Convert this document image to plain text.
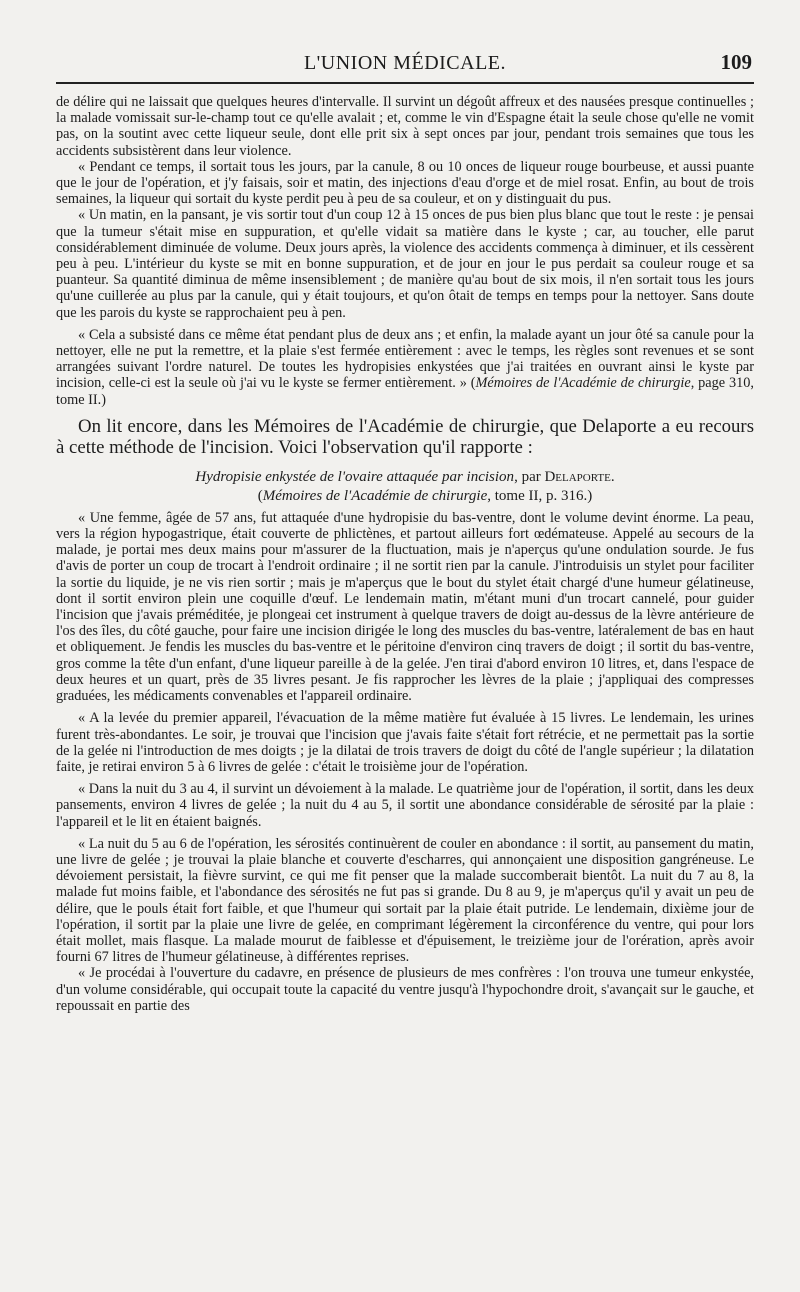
L'UNION MÉDICALE.	109

de délire qui ne laissait que quelques heures d'intervalle. Il survint un dégoût affreux et des nausées presque continuelles ; la malade vomissait sur-le-champ tout ce qu'elle avalait ; et, comme le vin d'Espagne était la seule chose qu'elle ne vomit pas, on la soutint avec cette liqueur seule, dont elle prit six à sept onces par jour, pendant trois semaines que tous les accidents subsistèrent dans leur violence.

« Pendant ce temps, il sortait tous les jours, par la canule, 8 ou 10 onces de liqueur rouge bourbeuse, et aussi puante que le jour de l'opération, et j'y faisais, soir et matin, des injections d'eau d'orge et de miel rosat. Enfin, au bout de trois semaines, la liqueur qui sortait du kyste perdit peu à peu de sa couleur, et on y distinguait du pus.

« Un matin, en la pansant, je vis sortir tout d'un coup 12 à 15 onces de pus bien plus blanc que tout le reste : je pensai que la tumeur s'était mise en suppuration, et qu'elle vidait sa matière dans le kyste ; car, au toucher, elle parut considérablement diminuée de volume. Deux jours après, la violence des accidents commença à diminuer, et ils cessèrent peu à peu. L'intérieur du kyste se mit en bonne suppuration, et de jour en jour le pus perdait sa couleur rouge et sa puanteur. Sa quantité diminua de même insensiblement ; de manière qu'au bout de six mois, il n'en sortait tous les jours qu'une cuillerée au plus par la canule, qui y était toujours, et qu'on ôtait de temps en temps pour la nettoyer. Sans doute que les parois du kyste se rapprochaient peu à pen.

« Cela a subsisté dans ce même état pendant plus de deux ans ; et enfin, la malade ayant un jour ôté sa canule pour la nettoyer, elle ne put la remettre, et la plaie s'est fermée entièrement : avec le temps, les règles sont revenues et se sont arrangées suivant l'ordre naturel. De toutes les hydropisies enkystées que j'ai traitées en ouvrant ainsi le kyste par incision, celle-ci est la seule où j'ai vu le kyste se fermer entièrement. » (Mémoires de l'Académie de chirurgie, page 310, tome II.)

On lit encore, dans les Mémoires de l'Académie de chirurgie, que Delaporte a eu recours à cette méthode de l'incision. Voici l'observation qu'il rapporte :

Hydropisie enkystée de l'ovaire attaquée par incision, par Delaporte.
(Mémoires de l'Académie de chirurgie, tome II, p. 316.)

« Une femme, âgée de 57 ans, fut attaquée d'une hydropisie du bas-ventre, dont le volume devint énorme. La peau, vers la région hypogastrique, était couverte de phlictènes, et partout ailleurs fort œdémateuse. Appelé au secours de la malade, je portai mes deux mains pour m'assurer de la fluctuation, mais je n'aperçus qu'une ondulation sourde. Je fus d'avis de porter un coup de trocart à l'endroit ordinaire ; il ne sortit rien par la canule. J'introduisis un stylet pour faciliter la sortie du liquide, je ne vis rien sortir ; mais je m'aperçus que le bout du stylet était chargé d'une humeur gélatineuse, dont il sortit environ plein une coquille d'œuf. Le lendemain matin, m'étant muni d'un trocart cannelé, pour guider l'incision que j'avais préméditée, je plongeai cet instrument à quelque travers de doigt au-dessus de la lèvre antérieure de l'os des îles, du côté gauche, pour faire une incision dirigée le long des muscles du bas-ventre, latéralement de bas en haut et obliquement. Je fendis les muscles du bas-ventre et le péritoine d'environ cinq travers de doigt ; il sortit du bas-ventre, gros comme la tête d'un enfant, d'une liqueur pareille à de la gelée. J'en tirai d'abord environ 10 litres, et, dans l'espace de deux heures et un quart, près de 35 livres pesant. Je fis rapprocher les lèvres de la plaie ; j'appliquai des compresses graduées, les médicaments convenables et l'appareil ordinaire.

« A la levée du premier appareil, l'évacuation de la même matière fut évaluée à 15 livres. Le lendemain, les urines furent très-abondantes. Le soir, je trouvai que l'incision que j'avais faite s'était fort rétrécie, et ne permettait pas la sortie de la gelée ni l'introduction de mes doigts ; je la dilatai de trois travers de doigt du côté de l'angle supérieur ; la dilatation faite, je retirai environ 5 à 6 livres de gelée : c'était le troisième jour de l'opération.

« Dans la nuit du 3 au 4, il survint un dévoiement à la malade. Le quatrième jour de l'opération, il sortit, dans les deux pansements, environ 4 livres de gelée ; la nuit du 4 au 5, il sortit une abondance considérable de sérosité par la plaie : l'appareil et le lit en étaient baignés.

« La nuit du 5 au 6 de l'opération, les sérosités continuèrent de couler en abondance : il sortit, au pansement du matin, une livre de gelée ; je trouvai la plaie blanche et couverte d'escharres, qui annonçaient une disposition gangréneuse. Le dévoiement persistait, la fièvre survint, ce qui me fit penser que la malade succomberait bientôt. La nuit du 7 au 8, la malade fut moins faible, et l'abondance des sérosités ne fut pas si grande. Du 8 au 9, je m'aperçus qu'il y avait un peu de délire, que le pouls était fort faible, et que l'humeur qui sortait par la plaie était putride. Le lendemain, dixième jour de l'opération, il sortit par la plaie une livre de gelée, en comprimant légèrement la circonférence du ventre, qui pour lors était mollet, mais flasque. La malade mourut de faiblesse et d'épuisement, le treizième jour de l'orération, après avoir fourni 67 litres de l'humeur gélatineuse, à différentes reprises.

« Je procédai à l'ouverture du cadavre, en présence de plusieurs de mes confrères : l'on trouva une tumeur enkystée, d'un volume considérable, qui occupait toute la capacité du ventre jusqu'à l'hypochondre droit, s'avançait sur le gauche, et repoussait en partie des
